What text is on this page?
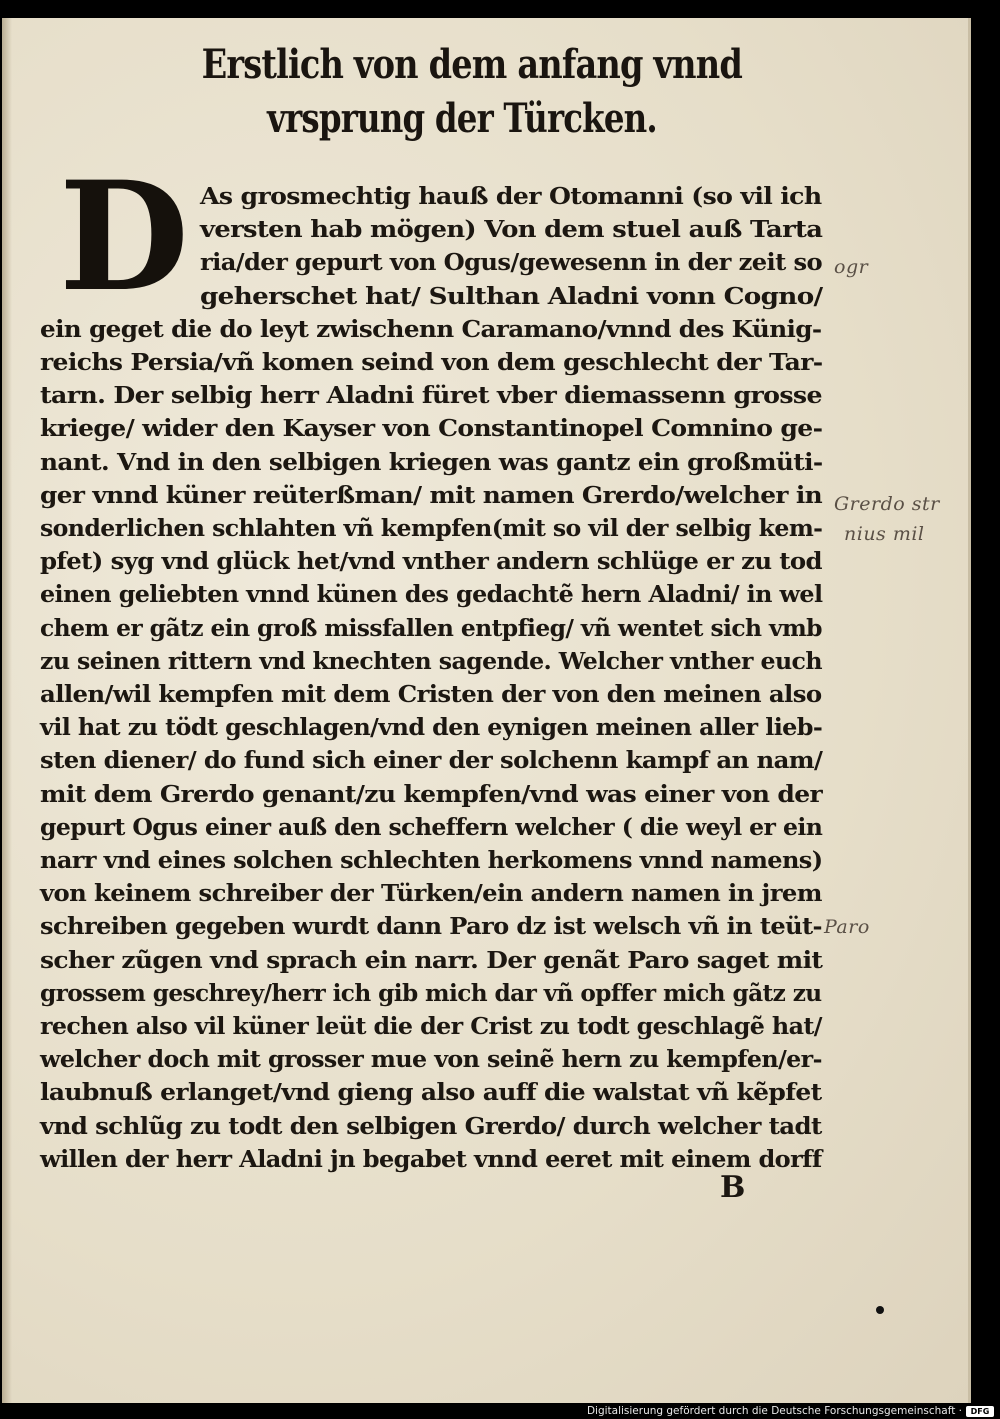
Erstlich von dem anfang vnnd
vrsprung der Türcken.
D As grosmechtig hauß der Otomanni (so vil ich
versten hab mögen) Von dem stuel auß Tarta
ria/der gepurt von Ogus/gewesenn in der zeit so
geherschet hat/ Sulthan Aladni vonn Cogno/
ein geget die do leyt zwischenn Caramano/vnnd des Künig-
reichs Persia/vñ komen seind von dem geschlecht der Tar-
tarn. Der selbig herr Aladni füret vber diemassenn grosse
kriege/ wider den Kayser von Constantinopel Comnino ge-
nant. Vnd in den selbigen kriegen was gantz ein großmüti-
ger vnnd küner reüterßman/ mit namen Grerdo/welcher in
sonderlichen schlahten vñ kempfen(mit so vil der selbig kem-
pfet) syg vnd glück het/vnd vnther andern schlüge er zu tod
einen geliebten vnnd künen des gedachtẽ hern Aladni/ in wel
chem er gãtz ein groß missfallen entpfieg/ vñ wentet sich vmb
zu seinen rittern vnd knechten sagende. Welcher vnther euch
allen/wil kempfen mit dem Cristen der von den meinen also
vil hat zu tödt geschlagen/vnd den eynigen meinen aller lieb-
sten diener/ do fund sich einer der solchenn kampf an nam/
mit dem Grerdo genant/zu kempfen/vnd was einer von der
gepurt Ogus einer auß den scheffern welcher ( die weyl er ein
narr vnd eines solchen schlechten herkomens vnnd namens)
von keinem schreiber der Türken/ein andern namen in jrem
schreiben gegeben wurdt dann Paro dz ist welsch vñ in teüt-
scher zũgen vnd sprach ein narr. Der genãt Paro saget mit
grossem geschrey/herr ich gib mich dar vñ opffer mich gãtz zu
rechen also vil küner leüt die der Crist zu todt geschlagẽ hat/
welcher doch mit grosser mue von seinẽ hern zu kempfen/er-
laubnuß erlanget/vnd gieng also auff die walstat vñ kẽpfet
vnd schlũg zu todt den selbigen Grerdo/ durch welcher tadt
willen der herr Aladni jn begabet vnnd eeret mit einem dorff
B
ogr
Grerdo str
nius mil
Paro
Digitalisierung gefördert durch die Deutsche Forschungsgemeinschaft ·	DFG
